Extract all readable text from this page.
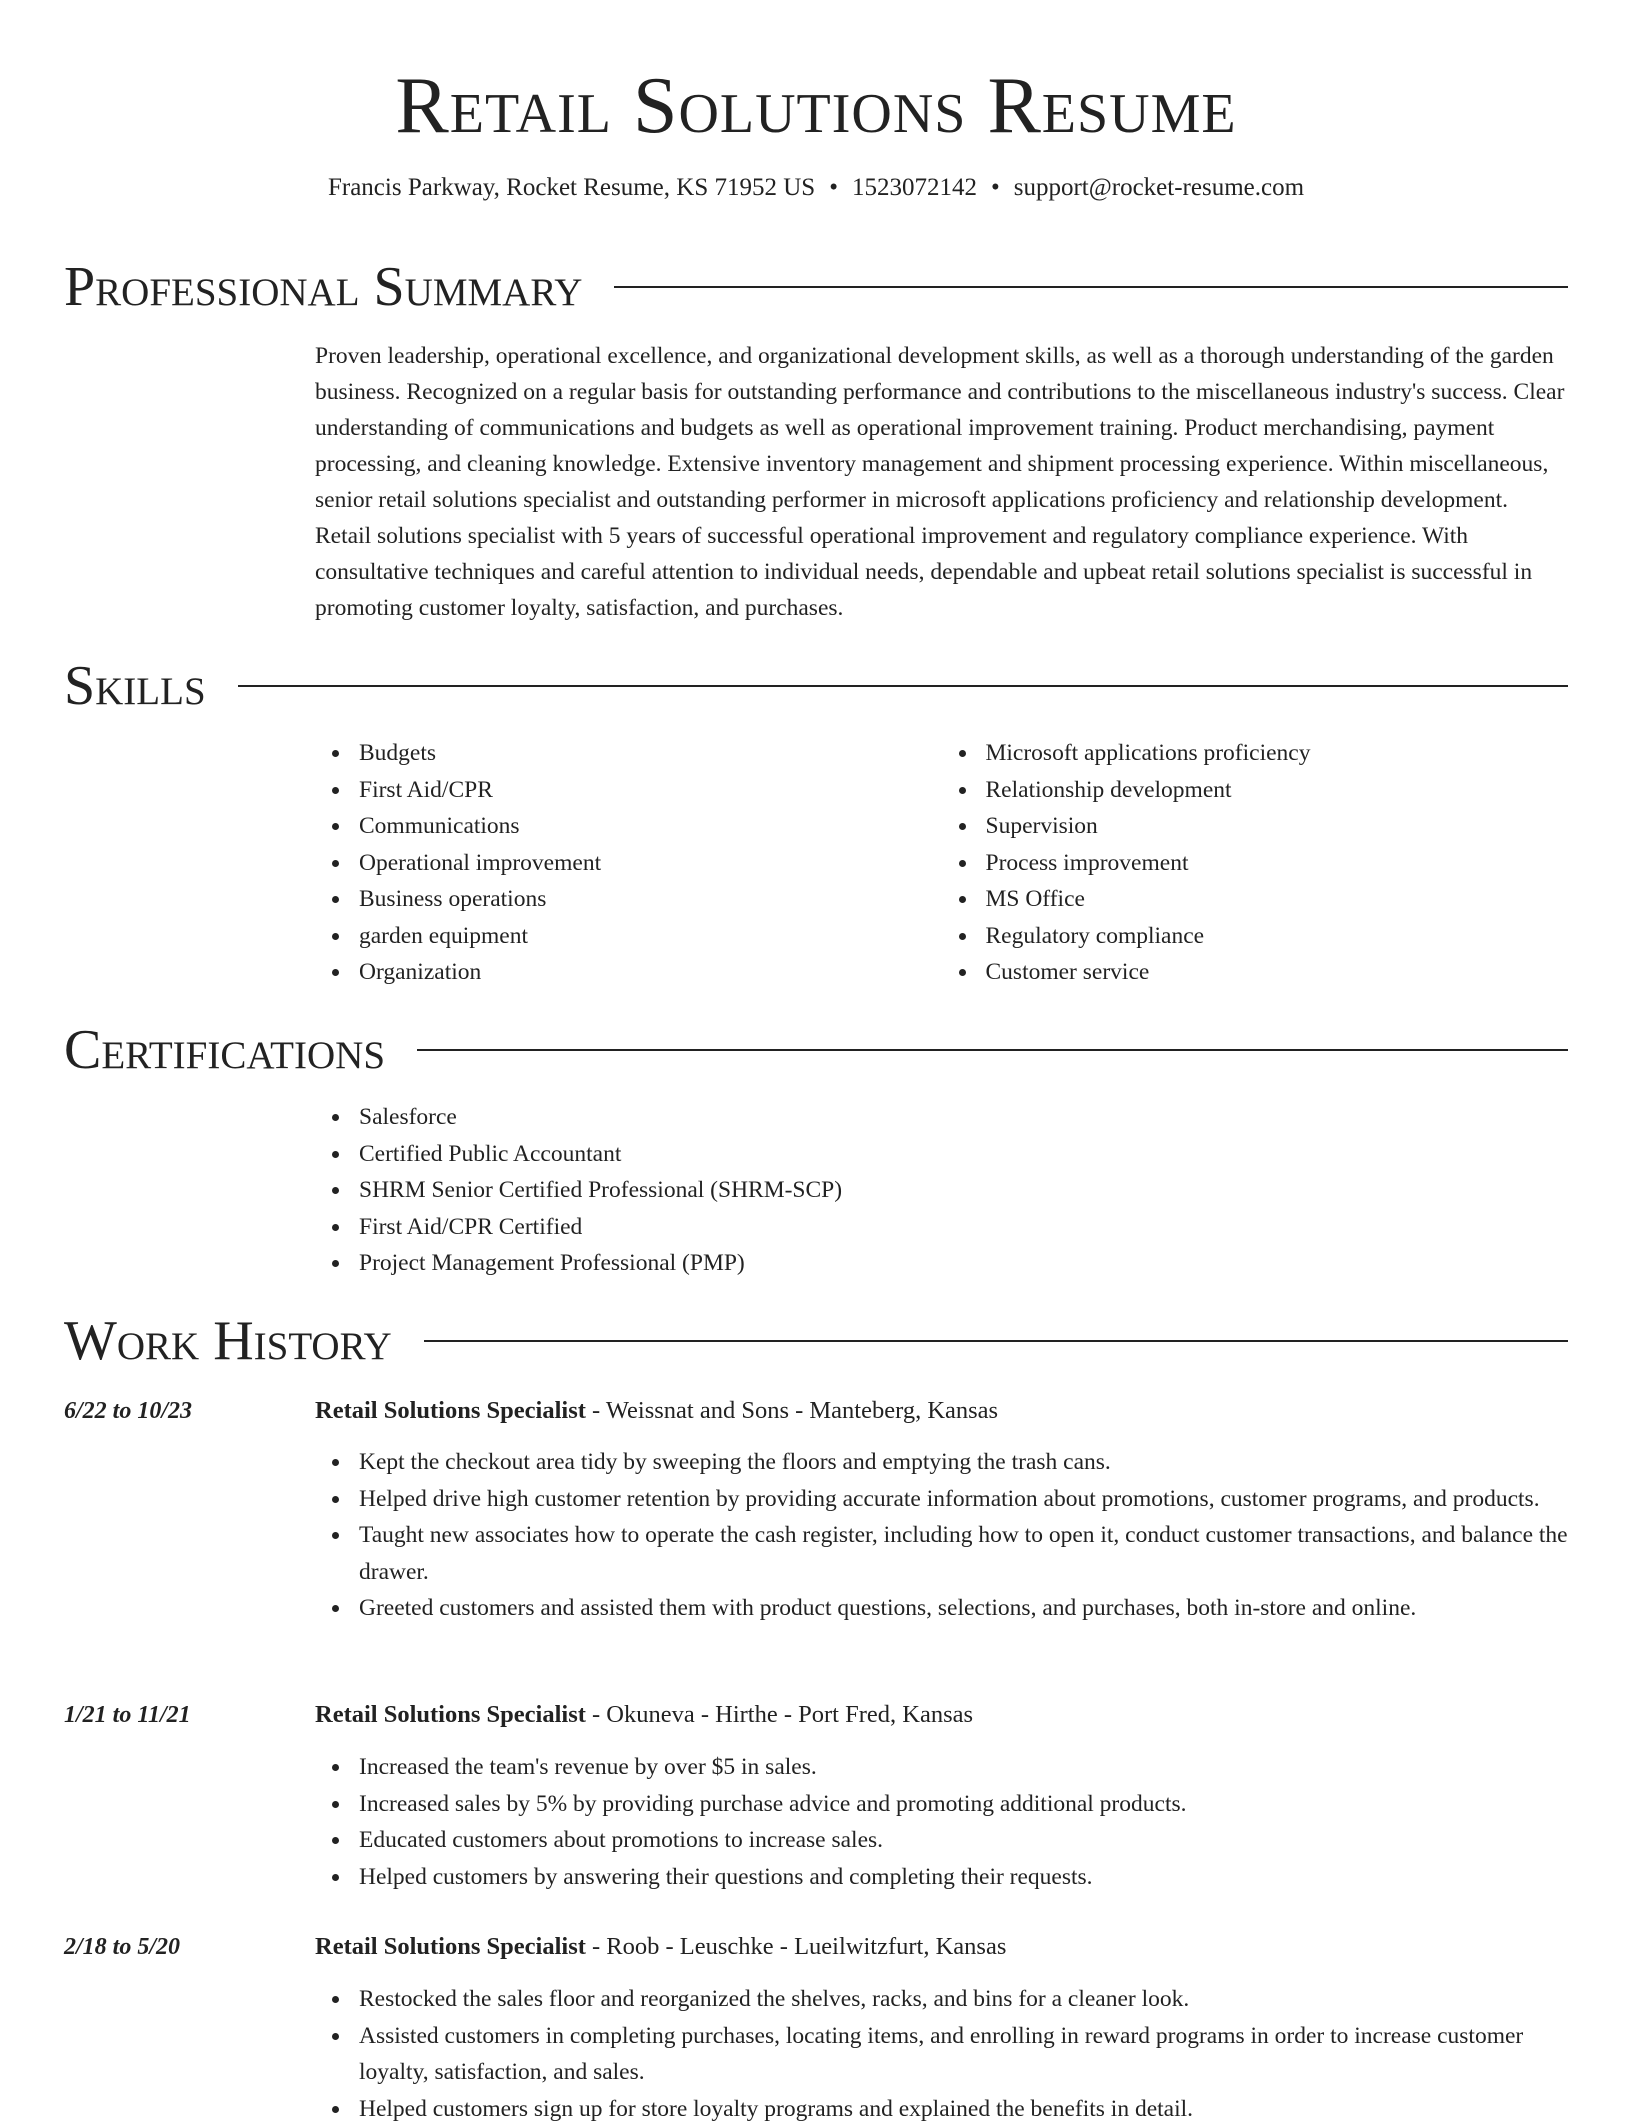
Retail Solutions Resume
Francis Parkway, Rocket Resume, KS 71952 US • 1523072142 • support@rocket-resume.com
Professional Summary
Proven leadership, operational excellence, and organizational development skills, as well as a thorough understanding of the garden business. Recognized on a regular basis for outstanding performance and contributions to the miscellaneous industry's success. Clear understanding of communications and budgets as well as operational improvement training. Product merchandising, payment processing, and cleaning knowledge. Extensive inventory management and shipment processing experience. Within miscellaneous, senior retail solutions specialist and outstanding performer in microsoft applications proficiency and relationship development. Retail solutions specialist with 5 years of successful operational improvement and regulatory compliance experience. With consultative techniques and careful attention to individual needs, dependable and upbeat retail solutions specialist is successful in promoting customer loyalty, satisfaction, and purchases.
Skills
Budgets
First Aid/CPR
Communications
Operational improvement
Business operations
garden equipment
Organization
Microsoft applications proficiency
Relationship development
Supervision
Process improvement
MS Office
Regulatory compliance
Customer service
Certifications
Salesforce
Certified Public Accountant
SHRM Senior Certified Professional (SHRM-SCP)
First Aid/CPR Certified
Project Management Professional (PMP)
Work History
6/22 to 10/23	Retail Solutions Specialist - Weissnat and Sons - Manteberg, Kansas
Kept the checkout area tidy by sweeping the floors and emptying the trash cans.
Helped drive high customer retention by providing accurate information about promotions, customer programs, and products.
Taught new associates how to operate the cash register, including how to open it, conduct customer transactions, and balance the drawer.
Greeted customers and assisted them with product questions, selections, and purchases, both in-store and online.
1/21 to 11/21	Retail Solutions Specialist - Okuneva - Hirthe - Port Fred, Kansas
Increased the team's revenue by over $5 in sales.
Increased sales by 5% by providing purchase advice and promoting additional products.
Educated customers about promotions to increase sales.
Helped customers by answering their questions and completing their requests.
2/18 to 5/20	Retail Solutions Specialist - Roob - Leuschke - Lueilwitzfurt, Kansas
Restocked the sales floor and reorganized the shelves, racks, and bins for a cleaner look.
Assisted customers in completing purchases, locating items, and enrolling in reward programs in order to increase customer loyalty, satisfaction, and sales.
Helped customers sign up for store loyalty programs and explained the benefits in detail.
